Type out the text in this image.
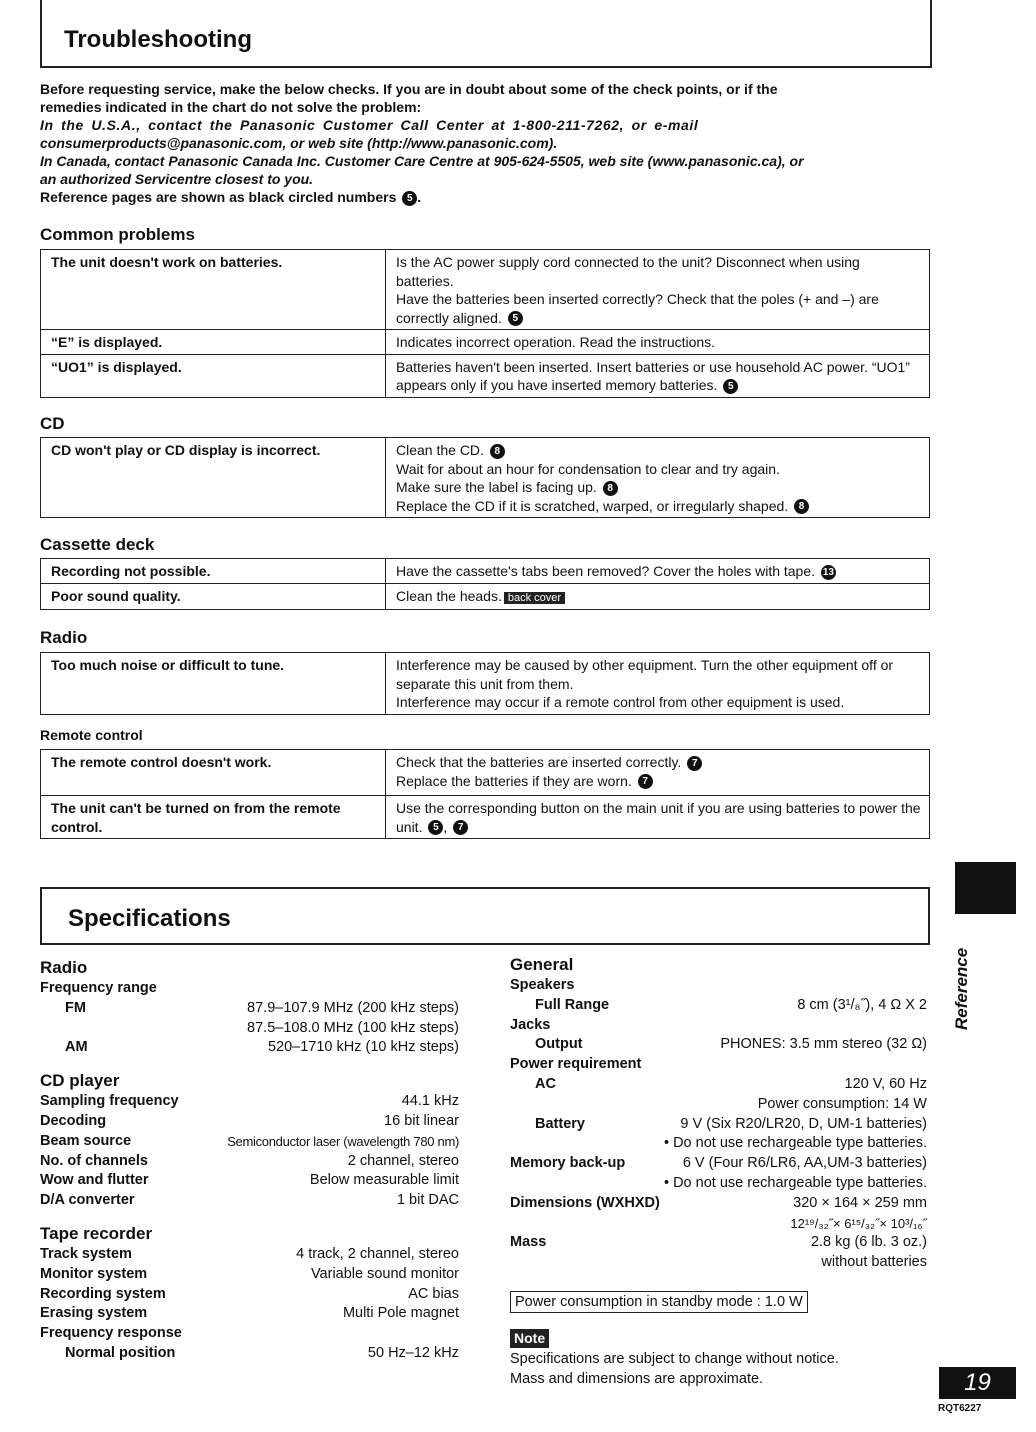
Troubleshooting
Before requesting service, make the below checks. If you are in doubt about some of the check points, or if the
remedies indicated in the chart do not solve the problem:
In the U.S.A., contact the Panasonic Customer Call Center at 1-800-211-7262, or e-mail
consumerproducts@panasonic.com, or web site (http://www.panasonic.com).
In Canada, contact Panasonic Canada Inc. Customer Care Centre at 905-624-5505, web site (www.panasonic.ca), or
an authorized Servicentre closest to you.
Reference pages are shown as black circled numbers 5 .
Common problems
The unit doesn't work on batteries.	Is the AC power supply cord connected to the unit? Disconnect when using batteries.
Have the batteries been inserted correctly? Check that the poles (+ and –) are correctly aligned. 5

“E” is displayed.	Indicates incorrect operation. Read the instructions.
“UO1” is displayed.	Batteries haven't been inserted. Insert batteries or use household AC power. “UO1” appears only if you have inserted memory batteries. 5
CD
CD won't play or CD display is incorrect.	Clean the CD. 8
Wait for about an hour for condensation to clear and try again.
Make sure the label is facing up. 8
Replace the CD if it is scratched, warped, or irregularly shaped. 8
Cassette deck
Recording not possible.	Have the cassette's tabs been removed? Cover the holes with tape. 13
Poor sound quality.	Clean the heads. back cover
Radio
Too much noise or difficult to tune.	Interference may be caused by other equipment. Turn the other equipment off or separate this unit from them.
Interference may occur if a remote control from other equipment is used.
Remote control
The remote control doesn't work.	Check that the batteries are inserted correctly. 7
Replace the batteries if they are worn. 7

The unit can't be turned on from the remote control.	Use the corresponding button on the main unit if you are using batteries to power the unit. 5 , 7
Specifications
Radio
Frequency range
FM	87.9–107.9 MHz (200 kHz steps)
87.5–108.0 MHz (100 kHz steps)
AM	520–1710 kHz (10 kHz steps)
CD player
Sampling frequency	44.1 kHz
Decoding	16 bit linear
Beam source	Semiconductor laser (wavelength 780 nm)
No. of channels	2 channel, stereo
Wow and flutter	Below measurable limit
D/A converter	1 bit DAC
Tape recorder
Track system	4 track, 2 channel, stereo
Monitor system	Variable sound monitor
Recording system	AC bias
Erasing system	Multi Pole magnet
Frequency response
Normal position	50 Hz–12 kHz
General
Speakers
Full Range	8 cm (3¹/₈˝), 4 Ω X 2
Jacks
Output	PHONES: 3.5 mm stereo (32 Ω)
Power requirement
AC	120 V, 60 Hz
Power consumption: 14 W
Battery	9 V (Six R20/LR20, D, UM-1 batteries)
• Do not use rechargeable type batteries.
Memory back-up	6 V (Four R6/LR6, AA,UM-3 batteries)
• Do not use rechargeable type batteries.
Dimensions (WXHXD)	320 × 164 × 259 mm
12¹⁹/₃₂˝× 6¹⁵/₃₂˝× 10³/₁₆˝
Mass	2.8 kg (6 lb. 3 oz.)
without batteries
Power consumption in standby mode : 1.0 W
Note
Specifications are subject to change without notice.
Mass and dimensions are approximate.
Reference
19
RQT6227
